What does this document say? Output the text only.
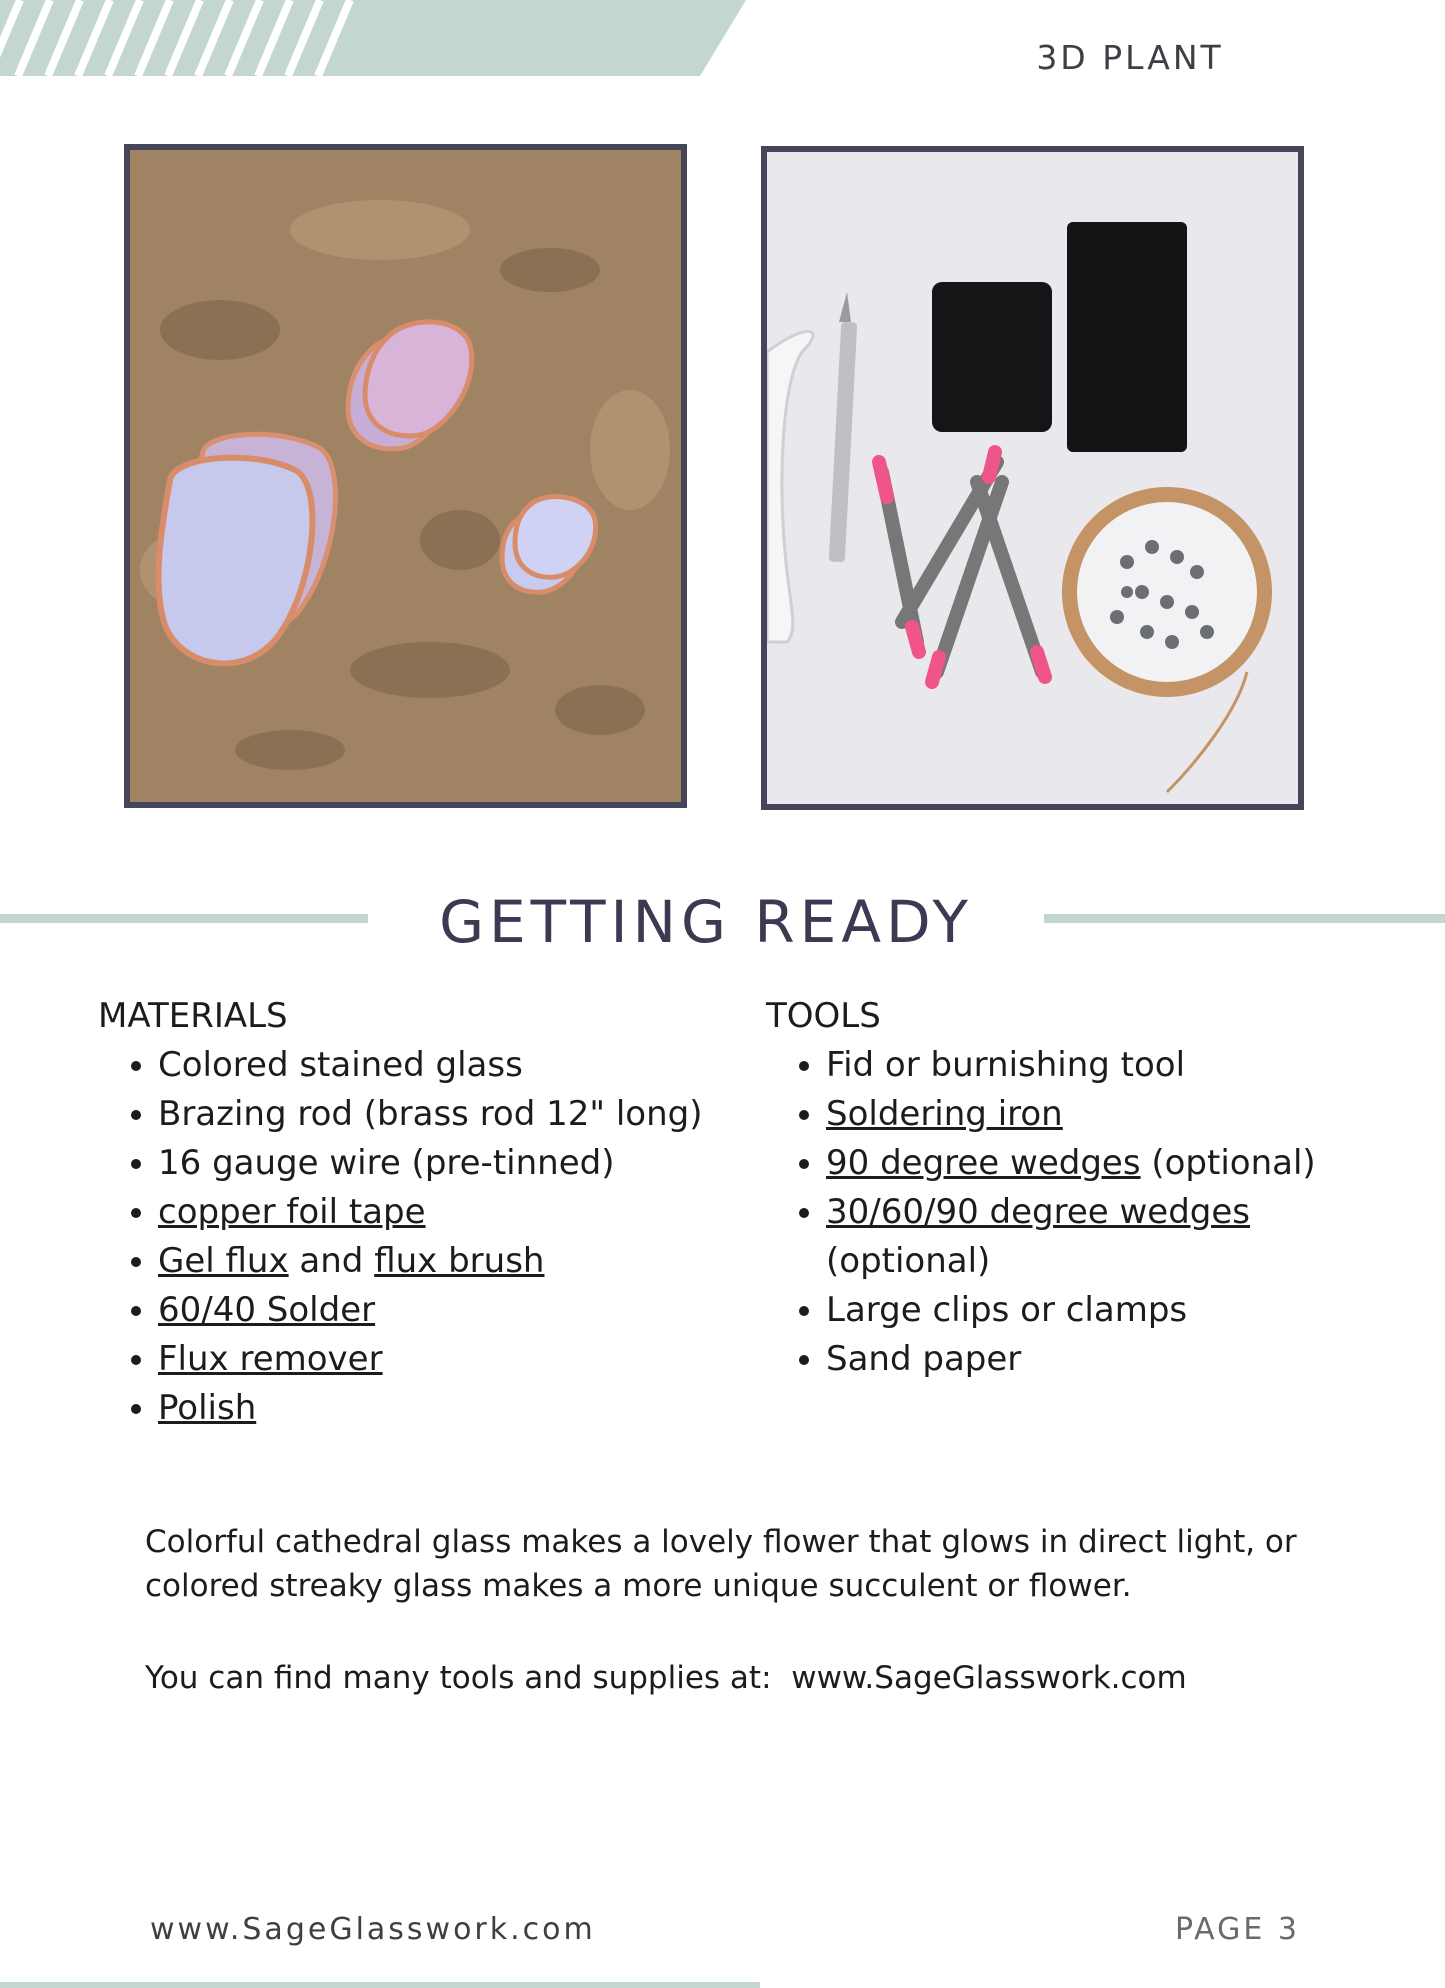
3D PLANT
GETTING READY
MATERIALS
• Colored stained glass
• Brazing rod (brass rod 12" long)
• 16 gauge wire (pre-tinned)
• copper foil tape
• Gel flux and flux brush
• 60/40 Solder
• Flux remover
• Polish
TOOLS
• Fid or burnishing tool
• Soldering iron
• 90 degree wedges (optional)
• 30/60/90 degree wedges (optional)
• Large clips or clamps
• Sand paper

Colorful cathedral glass makes a lovely flower that glows in direct light, or colored streaky glass makes a more unique succulent or flower.

You can find many tools and supplies at:  www.SageGlasswork.com

www.SageGlasswork.com	PAGE 3
